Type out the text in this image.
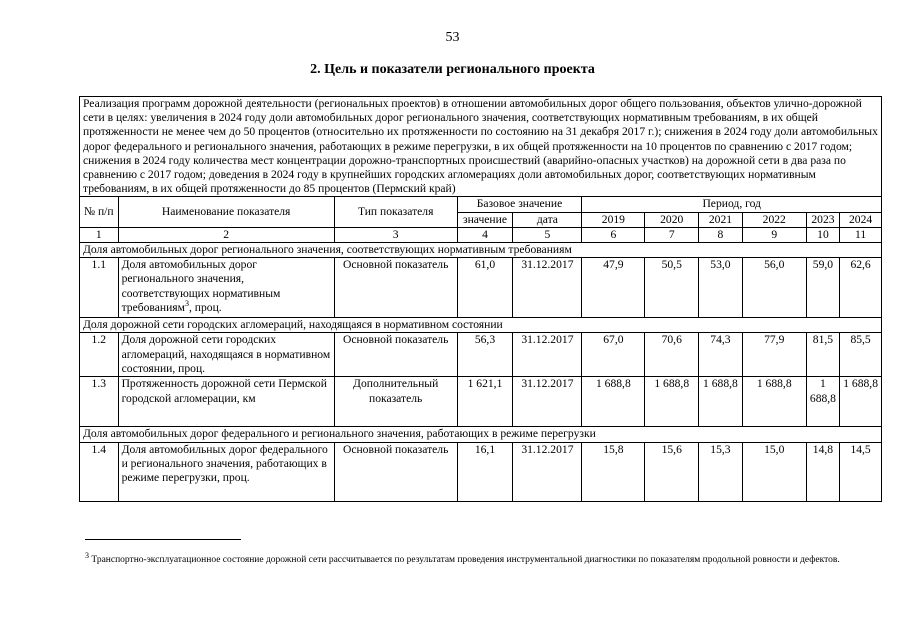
53
2. Цель и показатели регионального проекта
Реализация программ дорожной деятельности (региональных проектов) в отношении автомобильных дорог общего пользования, объектов улично-дорожной сети в целях: увеличения в 2024 году доли автомобильных дорог регионального значения, соответствующих нормативным требованиям, в их общей протяженности не менее чем до 50 процентов (относительно их протяженности по состоянию на 31 декабря 2017 г.); снижения в 2024 году доли автомобильных дорог федерального и регионального значения, работающих в режиме перегрузки, в их общей протяженности на 10 процентов по сравнению с 2017 годом; снижения в 2024 году количества мест концентрации дорожно-транспортных происшествий (аварийно-опасных участков) на дорожной сети в два раза по сравнению с 2017 годом; доведения в 2024 году в крупнейших городских агломерациях доли автомобильных дорог, соответствующих нормативным требованиям, в их общей протяженности до 85 процентов (Пермский край)										
№ п/п	Наименование показателя	Тип показателя	Базовое значение		Период, год					
			значение	дата	2019	2020	2021	2022	2023	2024
1	2	3	4	5	6	7	8	9	10	11
Доля автомобильных дорог регионального значения, соответствующих нормативным требованиям										
1.1	Доля автомобильных дорог регионального значения, соответствующих нормативным требованиям$^3$, проц.	Основной показатель	61,0	31.12.2017	47,9	50,5	53,0	56,0	59,0	62,6
Доля дорожной сети городских агломераций, находящаяся в нормативном состоянии										
1.2	Доля дорожной сети городских агломераций, находящаяся в нормативном состоянии, проц.	Основной показатель	56,3	31.12.2017	67,0	70,6	74,3	77,9	81,5	85,5
1.3	Протяженность дорожной сети Пермской городской агломерации, км	Дополнительный показатель	1 621,1	31.12.2017	1 688,8	1 688,8	1 688,8	1 688,8	1 688,8	1 688,8
Доля автомобильных дорог федерального и регионального значения, работающих в режиме перегрузки										
1.4	Доля автомобильных дорог федерального и регионального значения, работающих в режиме перегрузки, проц.	Основной показатель	16,1	31.12.2017	15,8	15,6	15,3	15,0	14,8	14,5
$^3$ Транспортно-эксплуатационное состояние дорожной сети рассчитывается по результатам проведения инструментальной диагностики по показателям продольной ровности и дефектов.
